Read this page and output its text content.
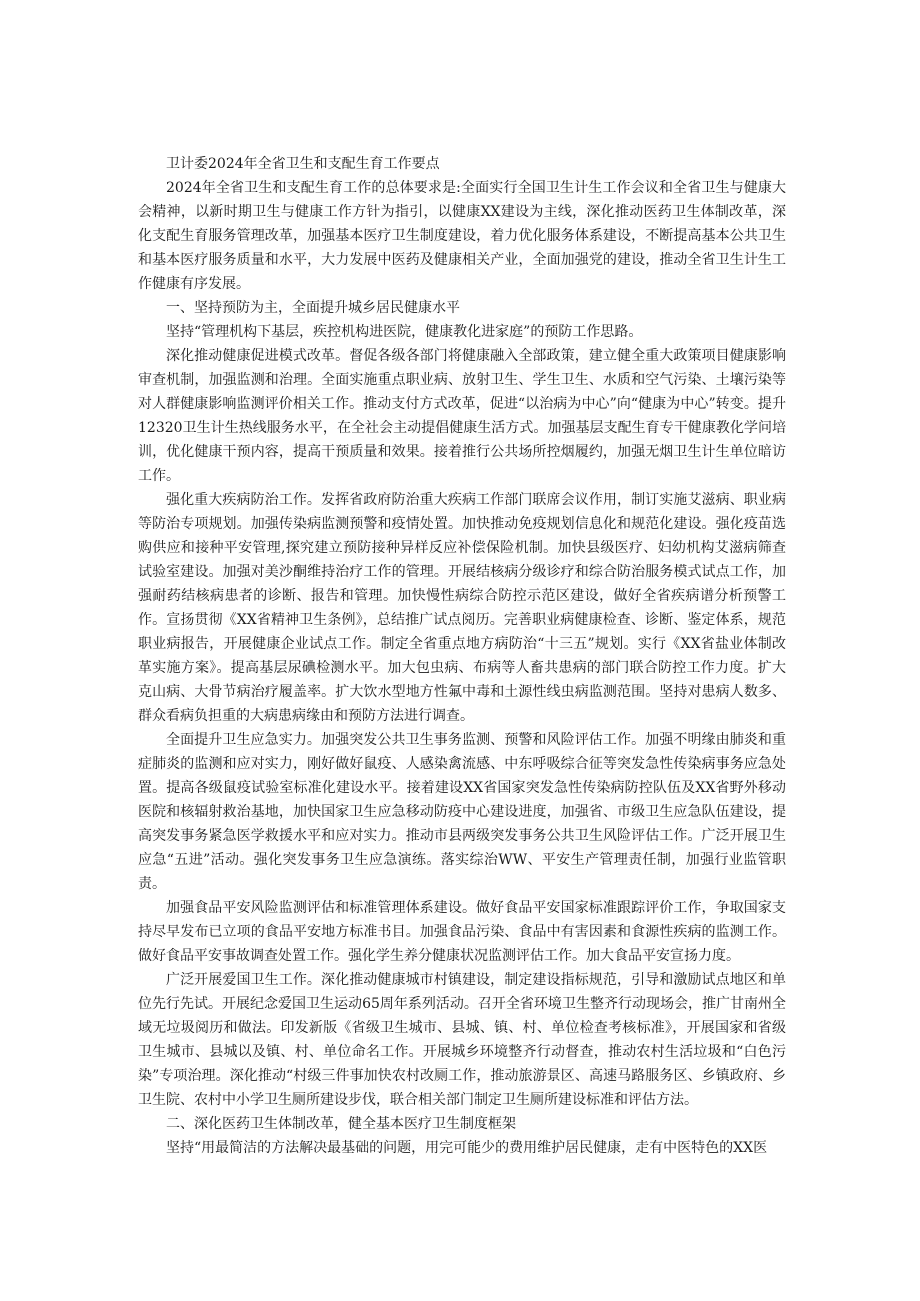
卫计委2024年全省卫生和支配生育工作要点

2024年全省卫生和支配生育工作的总体要求是:全面实行全国卫生计生工作会议和全省卫生与健康大会精神，以新时期卫生与健康工作方针为指引，以健康XX建设为主线，深化推动医药卫生体制改革，深化支配生育服务管理改革，加强基本医疗卫生制度建设，着力优化服务体系建设，不断提高基本公共卫生和基本医疗服务质量和水平，大力发展中医药及健康相关产业，全面加强党的建设，推动全省卫生计生工作健康有序发展。

一、坚持预防为主，全面提升城乡居民健康水平

坚持“管理机构下基层，疾控机构进医院，健康教化进家庭”的预防工作思路。

深化推动健康促进模式改革。督促各级各部门将健康融入全部政策，建立健全重大政策项目健康影响审查机制，加强监测和治理。全面实施重点职业病、放射卫生、学生卫生、水质和空气污染、土壤污染等对人群健康影响监测评价相关工作。推动支付方式改革，促进“以治病为中心”向“健康为中心”转变。提升12320卫生计生热线服务水平，在全社会主动提倡健康生活方式。加强基层支配生育专干健康教化学问培训，优化健康干预内容，提高干预质量和效果。接着推行公共场所控烟履约，加强无烟卫生计生单位暗访工作。

强化重大疾病防治工作。发挥省政府防治重大疾病工作部门联席会议作用，制订实施艾滋病、职业病等防治专项规划。加强传染病监测预警和疫情处置。加快推动免疫规划信息化和规范化建设。强化疫苗选购供应和接种平安管理,探究建立预防接种异样反应补偿保险机制。加快县级医疗、妇幼机构艾滋病筛查试验室建设。加强对美沙酮维持治疗工作的管理。开展结核病分级诊疗和综合防治服务模式试点工作，加强耐药结核病患者的诊断、报告和管理。加快慢性病综合防控示范区建设，做好全省疾病谱分析预警工作。宣扬贯彻《XX省精神卫生条例》，总结推广试点阅历。完善职业病健康检查、诊断、鉴定体系，规范职业病报告，开展健康企业试点工作。制定全省重点地方病防治“十三五”规划。实行《XX省盐业体制改革实施方案》。提高基层尿碘检测水平。加大包虫病、布病等人畜共患病的部门联合防控工作力度。扩大克山病、大骨节病治疗履盖率。扩大饮水型地方性氟中毒和土源性线虫病监测范围。坚持对患病人数多、群众看病负担重的大病患病缘由和预防方法进行调查。

全面提升卫生应急实力。加强突发公共卫生事务监测、预警和风险评估工作。加强不明缘由肺炎和重症肺炎的监测和应对实力，刚好做好鼠疫、人感染禽流感、中东呼吸综合征等突发急性传染病事务应急处置。提高各级鼠疫试验室标准化建设水平。接着建设XX省国家突发急性传染病防控队伍及XX省野外移动医院和核辐射救治基地，加快国家卫生应急移动防疫中心建设进度，加强省、市级卫生应急队伍建设，提高突发事务紧急医学救援水平和应对实力。推动市县两级突发事务公共卫生风险评估工作。广泛开展卫生应急“五进”活动。强化突发事务卫生应急演练。落实综治WW、平安生产管理责任制，加强行业监管职责。

加强食品平安风险监测评估和标准管理体系建设。做好食品平安国家标准跟踪评价工作，争取国家支持尽早发布已立项的食品平安地方标准书目。加强食品污染、食品中有害因素和食源性疾病的监测工作。做好食品平安事故调查处置工作。强化学生养分健康状况监测评估工作。加大食品平安宣扬力度。

广泛开展爱国卫生工作。深化推动健康城市村镇建设，制定建设指标规范，引导和激励试点地区和单位先行先试。开展纪念爱国卫生运动65周年系列活动。召开全省环境卫生整齐行动现场会，推广甘南州全域无垃圾阅历和做法。印发新版《省级卫生城市、县城、镇、村、单位检查考核标准》，开展国家和省级卫生城市、县城以及镇、村、单位命名工作。开展城乡环境整齐行动督查，推动农村生活垃圾和“白色污染”专项治理。深化推动“村级三件事加快农村改厕工作，推动旅游景区、高速马路服务区、乡镇政府、乡卫生院、农村中小学卫生厕所建设步伐，联合相关部门制定卫生厕所建设标准和评估方法。

二、深化医药卫生体制改革，健全基本医疗卫生制度框架

坚持“用最简洁的方法解决最基础的问题，用完可能少的费用维护居民健康，走有中医特色的XX医
